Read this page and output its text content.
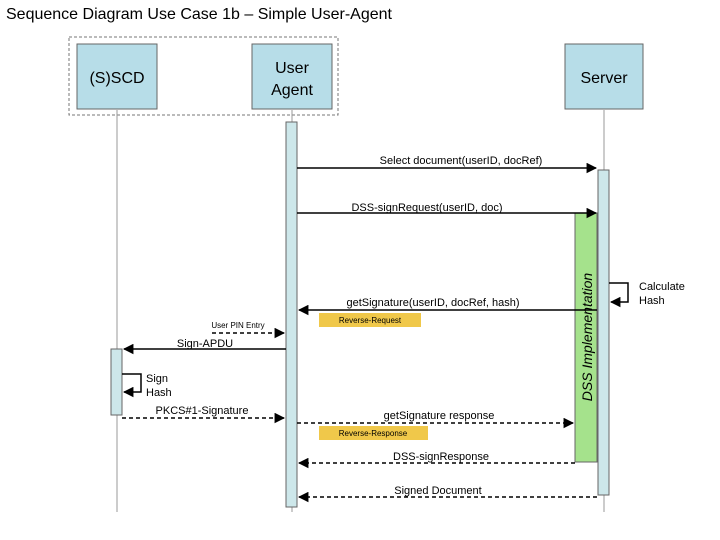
Sequence Diagram Use Case 1b – Simple User-Agent
(S)SCD
User
Agent
Server
DSS Implementation
Select document(userID, docRef)
DSS-signRequest(userID, doc)
Calculate
Hash
getSignature(userID, docRef, hash)
Reverse-Request
User PIN Entry
Sign-APDU
Sign
Hash
PKCS#1-Signature	getSignature response
Reverse-Response
DSS-signResponse
Signed Document
